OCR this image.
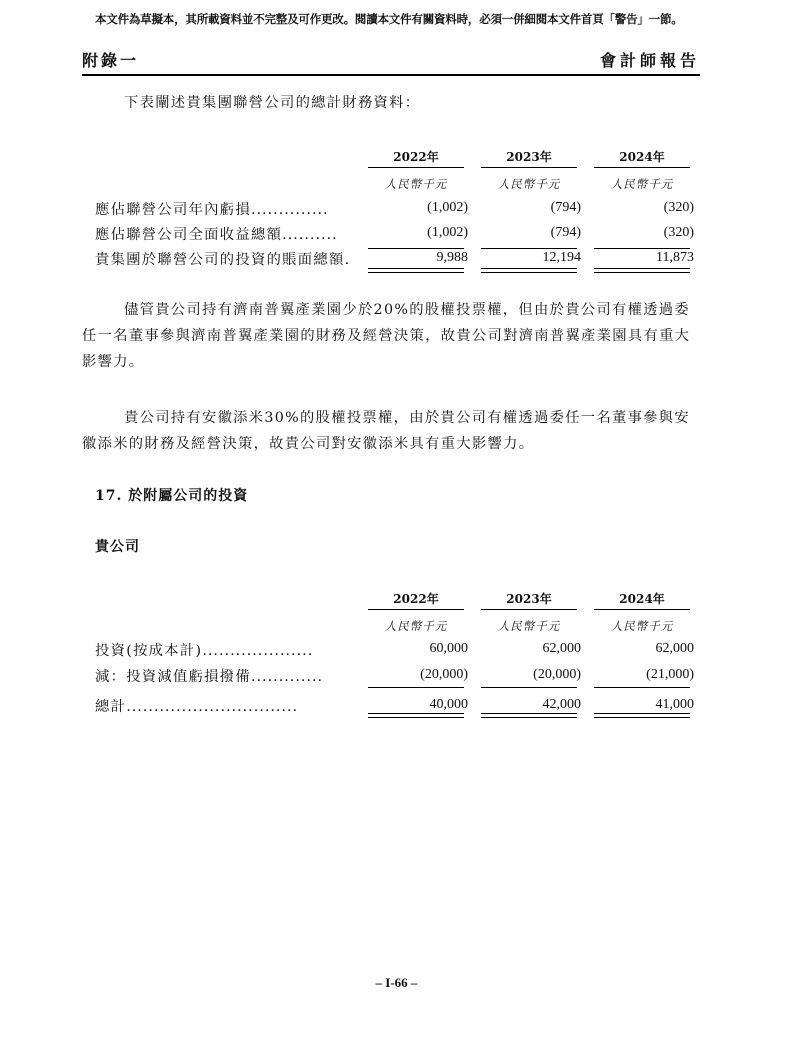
本文件為草擬本，其所載資料並不完整及可作更改。閱讀本文件有關資料時，必須一併細閱本文件首頁「警告」一節。
附錄一	會計師報告
下表闡述貴集團聯營公司的總計財務資料：
2022年	2023年	2024年
人民幣千元	人民幣千元	人民幣千元
應佔聯營公司年內虧損..............	(1,002)	(794)	(320)
應佔聯營公司全面收益總額..........	(1,002)	(794)	(320)
貴集團於聯營公司的投資的賬面總額.	9,988	12,194	11,873
儘管貴公司持有濟南普翼產業園少於20%的股權投票權，但由於貴公司有權透過委任一名董事參與濟南普翼產業園的財務及經營決策，故貴公司對濟南普翼產業園具有重大影響力。
貴公司持有安徽添米30%的股權投票權，由於貴公司有權透過委任一名董事參與安徽添米的財務及經營決策，故貴公司對安徽添米具有重大影響力。
17. 於附屬公司的投資
貴公司
2022年	2023年	2024年
人民幣千元	人民幣千元	人民幣千元
投資(按成本計)....................	60,000	62,000	62,000
減：投資減值虧損撥備.............	(20,000)	(20,000)	(21,000)
總計...............................	40,000	42,000	41,000
– I-66 –
